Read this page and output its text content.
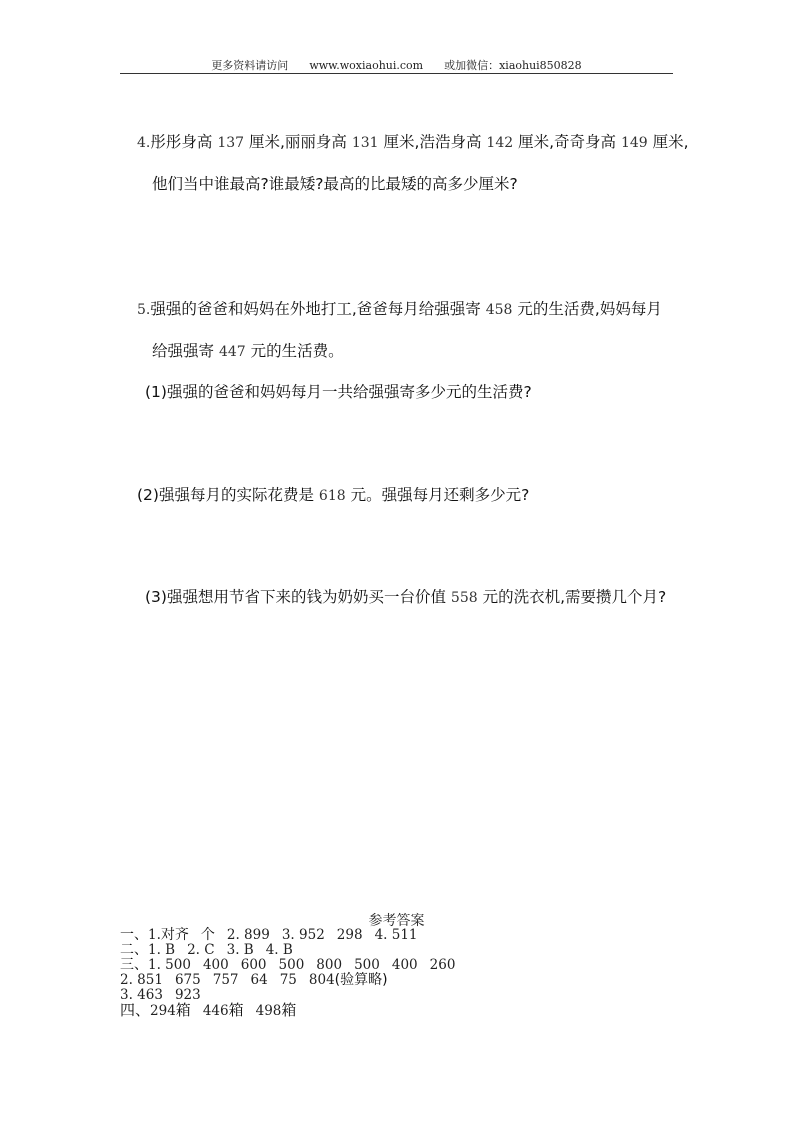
更多资料请访问 www.woxiaohui.com 或加微信：xiaohui850828
4.彤彤身高 137 厘米,丽丽身高 131 厘米,浩浩身高 142 厘米,奇奇身高 149 厘米,
他们当中谁最高?谁最矮?最高的比最矮的高多少厘米?
5.强强的爸爸和妈妈在外地打工,爸爸每月给强强寄 458 元的生活费,妈妈每月
给强强寄 447 元的生活费。
(1)强强的爸爸和妈妈每月一共给强强寄多少元的生活费?
(2)强强每月的实际花费是 618 元。强强每月还剩多少元?
(3)强强想用节省下来的钱为奶奶买一台价值 558 元的洗衣机,需要攒几个月?
参考答案
一、1.对齐 个 2. 899 3. 952 298 4. 511
二、1. B 2. C 3. B 4. B
三、1. 500 400 600 500 800 500 400 260
2. 851 675 757 64 75 804(验算略)
3. 463 923
四、294箱 446箱 498箱
